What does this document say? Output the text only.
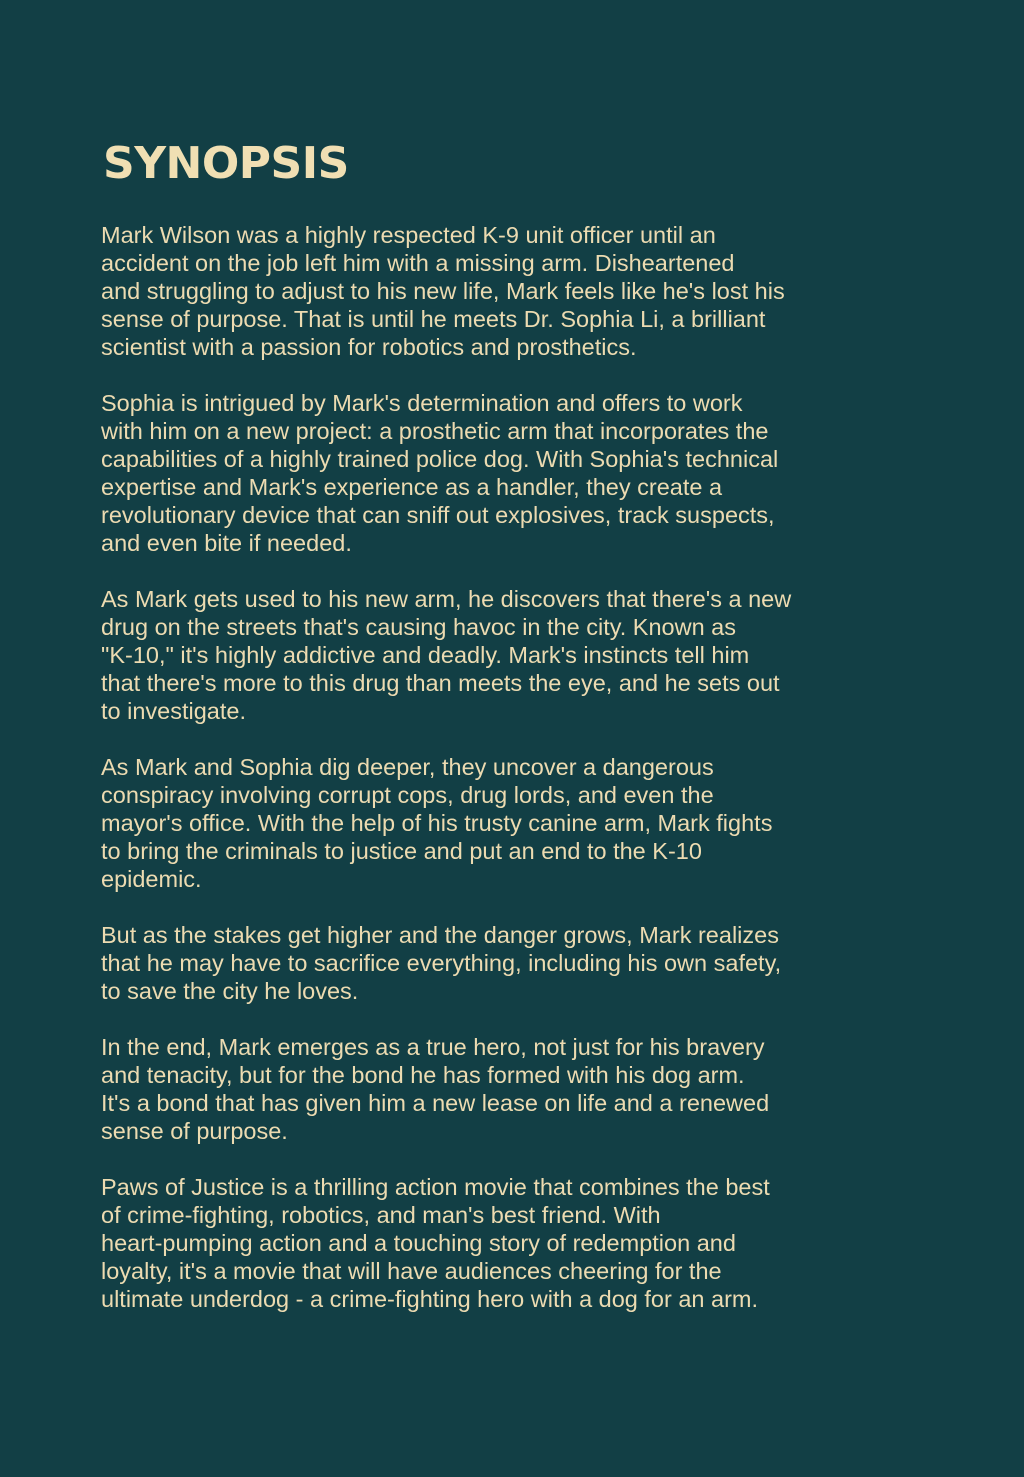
SYNOPSIS

Mark Wilson was a highly respected K-9 unit officer until an
accident on the job left him with a missing arm. Disheartened
and struggling to adjust to his new life, Mark feels like he's lost his
sense of purpose. That is until he meets Dr. Sophia Li, a brilliant
scientist with a passion for robotics and prosthetics.

Sophia is intrigued by Mark's determination and offers to work
with him on a new project: a prosthetic arm that incorporates the
capabilities of a highly trained police dog. With Sophia's technical
expertise and Mark's experience as a handler, they create a
revolutionary device that can sniff out explosives, track suspects,
and even bite if needed.

As Mark gets used to his new arm, he discovers that there's a new
drug on the streets that's causing havoc in the city. Known as
"K-10," it's highly addictive and deadly. Mark's instincts tell him
that there's more to this drug than meets the eye, and he sets out
to investigate.

As Mark and Sophia dig deeper, they uncover a dangerous
conspiracy involving corrupt cops, drug lords, and even the
mayor's office. With the help of his trusty canine arm, Mark fights
to bring the criminals to justice and put an end to the K-10
epidemic.

But as the stakes get higher and the danger grows, Mark realizes
that he may have to sacrifice everything, including his own safety,
to save the city he loves.

In the end, Mark emerges as a true hero, not just for his bravery
and tenacity, but for the bond he has formed with his dog arm.
It's a bond that has given him a new lease on life and a renewed
sense of purpose.

Paws of Justice is a thrilling action movie that combines the best
of crime-fighting, robotics, and man's best friend. With
heart-pumping action and a touching story of redemption and
loyalty, it's a movie that will have audiences cheering for the
ultimate underdog - a crime-fighting hero with a dog for an arm.
